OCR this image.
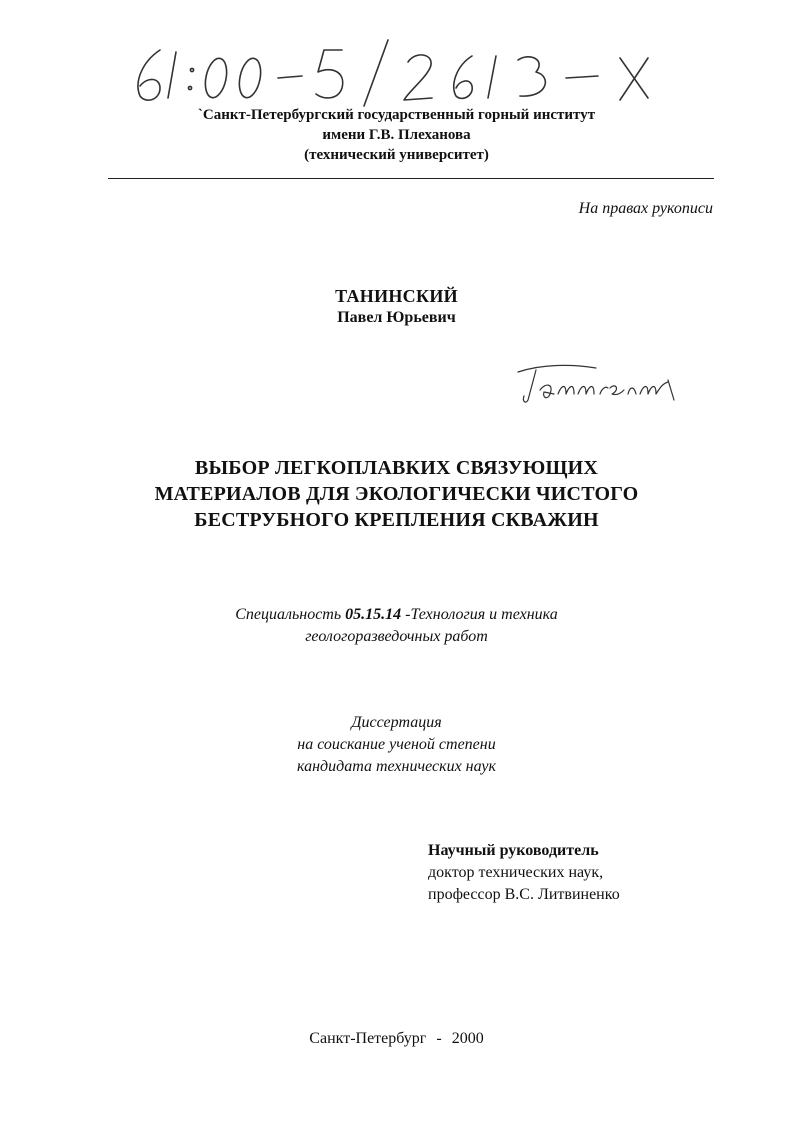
`Санкт-Петербургский государственный горный институт
имени Г.В. Плеханова
(технический университет)
На правах рукописи
ТАНИНСКИЙ
Павел Юрьевич
ВЫБОР ЛЕГКОПЛАВКИХ СВЯЗУЮЩИХ
МАТЕРИАЛОВ ДЛЯ ЭКОЛОГИЧЕСКИ ЧИСТОГО
БЕСТРУБНОГО КРЕПЛЕНИЯ СКВАЖИН
Специальность 05.15.14 -Технология и техника
геологоразведочных работ
Диссертация
на соискание ученой степени
кандидата технических наук
Научный руководитель
доктор технических наук,
профессор В.С. Литвиненко
Санкт-Петербург - 2000
